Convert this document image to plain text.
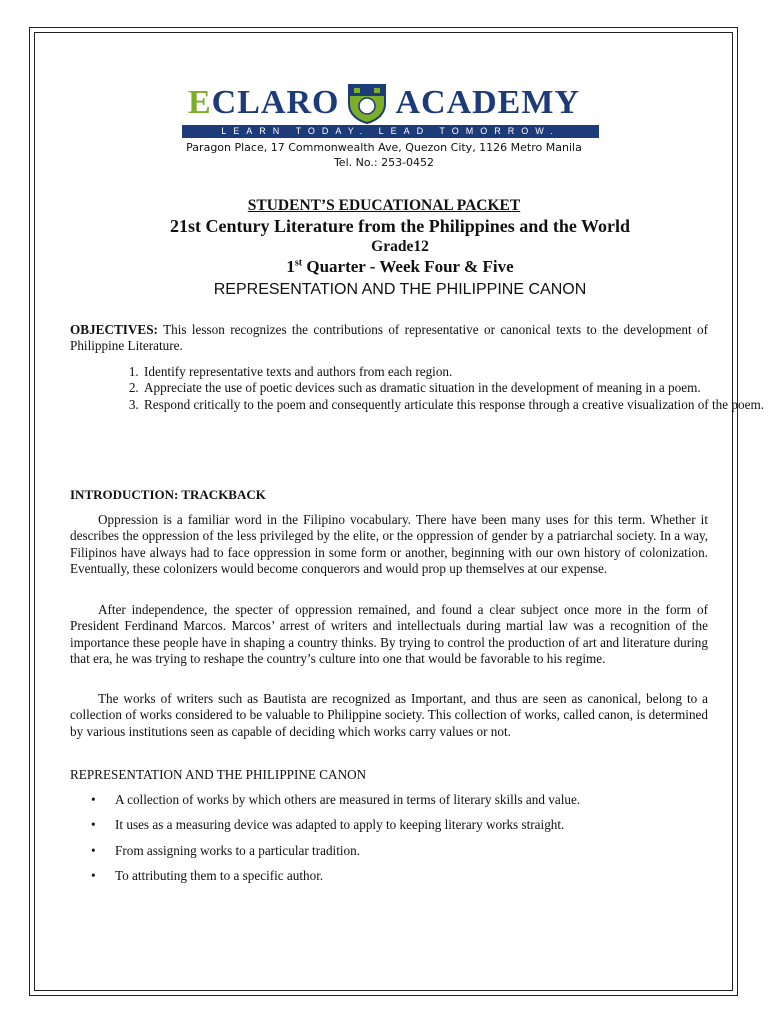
ECLARO ACADEMY
LEARN TODAY. LEAD TOMORROW.
Paragon Place, 17 Commonwealth Ave, Quezon City, 1126 Metro Manila
Tel. No.: 253-0452
STUDENT’S EDUCATIONAL PACKET
21st Century Literature from the Philippines and the World
Grade12
1st Quarter - Week Four & Five
REPRESENTATION AND THE PHILIPPINE CANON
OBJECTIVES: This lesson recognizes the contributions of representative or canonical texts to the development of Philippine Literature.
1. Identify representative texts and authors from each region.
2. Appreciate the use of poetic devices such as dramatic situation in the development of meaning in a poem.
3. Respond critically to the poem and consequently articulate this response through a creative visualization of the poem.
INTRODUCTION: TRACKBACK
Oppression is a familiar word in the Filipino vocabulary. There have been many uses for this term. Whether it describes the oppression of the less privileged by the elite, or the oppression of gender by a patriarchal society. In a way, Filipinos have always had to face oppression in some form or another, beginning with our own history of colonization. Eventually, these colonizers would become conquerors and would prop up themselves at our expense.
After independence, the specter of oppression remained, and found a clear subject once more in the form of President Ferdinand Marcos. Marcos’ arrest of writers and intellectuals during martial law was a recognition of the importance these people have in shaping a country thinks. By trying to control the production of art and literature during that era, he was trying to reshape the country’s culture into one that would be favorable to his regime.
The works of writers such as Bautista are recognized as Important, and thus are seen as canonical, belong to a collection of works considered to be valuable to Philippine society. This collection of works, called canon, is determined by various institutions seen as capable of deciding which works carry values or not.
REPRESENTATION AND THE PHILIPPINE CANON
• A collection of works by which others are measured in terms of literary skills and value.
• It uses as a measuring device was adapted to apply to keeping literary works straight.
• From assigning works to a particular tradition.
• To attributing them to a specific author.
